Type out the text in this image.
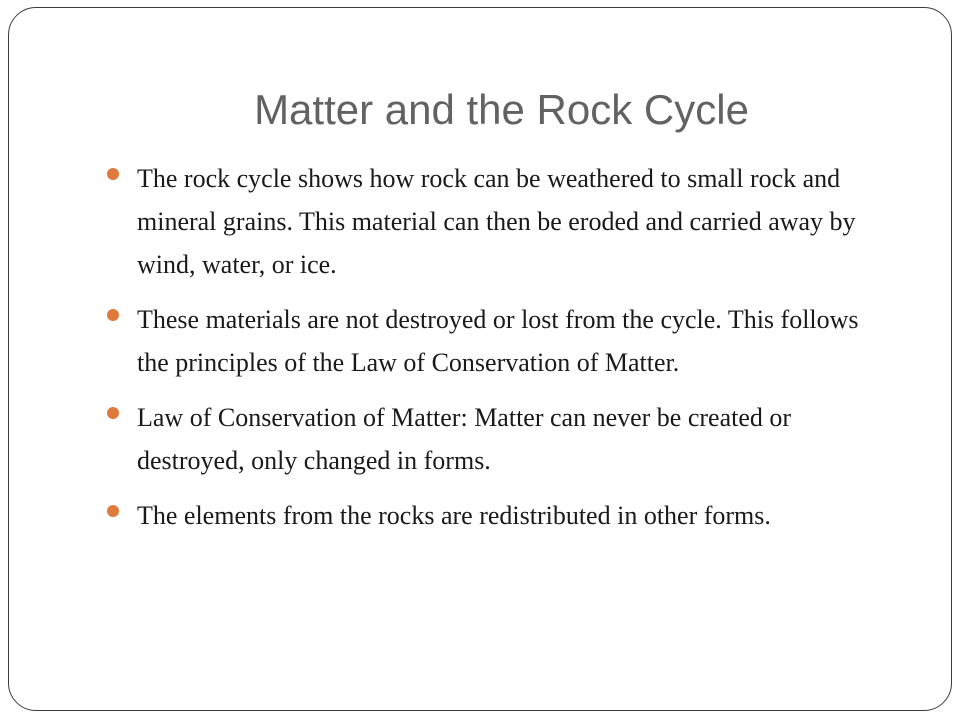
Matter and the Rock Cycle
The rock cycle shows how rock can be weathered to small rock and mineral grains. This material can then be eroded and carried away by wind, water, or ice.
These materials are not destroyed or lost from the cycle. This follows the principles of the Law of Conservation of Matter.
Law of Conservation of Matter: Matter can never be created or destroyed, only changed in forms.
The elements from the rocks are redistributed in other forms.
